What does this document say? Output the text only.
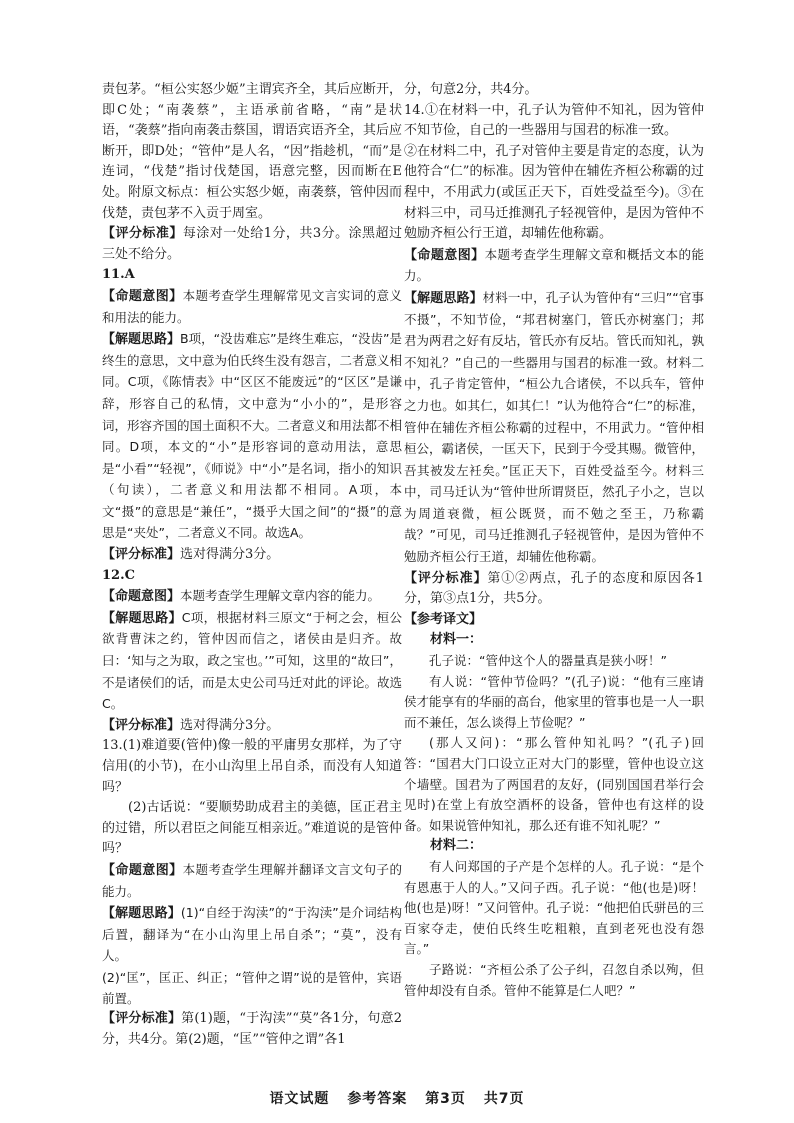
责包茅。“桓公实怒少姬”主谓宾齐全，其后应断开，即C处；“南袭蔡”，主语承前省略，“南”是状语，“袭蔡”指向南袭击蔡国，谓语宾语齐全，其后应断开，即D处；“管仲”是人名，“因”指趁机，“而”是连词，“伐楚”指讨伐楚国，语意完整，因而断在E处。附原文标点：桓公实怒少姬，南袭蔡，管仲因而伐楚，责包茅不入贡于周室。

【评分标准】每涂对一处给1分，共3分。涂黑超过三处不给分。

11.A

【命题意图】本题考查学生理解常见文言实词的意义和用法的能力。

【解题思路】B项，“没齿难忘”是终生难忘，“没齿”是终生的意思，文中意为伯氏终生没有怨言，二者意义相同。C项，《陈情表》中“区区不能废远”的“区区”是谦辞，形容自己的私情，文中意为“小小的”，是形容词，形容齐国的国土面积不大。二者意义和用法都不相同。D项，本文的“小”是形容词的意动用法，意思是“小看”“轻视”，《师说》中“小”是名词，指小的知识（句读），二者意义和用法都不相同。A项，本文“摄”的意思是“兼任”，“摄乎大国之间”的“摄”的意思是“夹处”，二者意义不同。故选A。

【评分标准】选对得满分3分。

12.C

【命题意图】本题考查学生理解文章内容的能力。

【解题思路】C项，根据材料三原文“于柯之会，桓公欲背曹沫之约，管仲因而信之，诸侯由是归齐。故曰：‘知与之为取，政之宝也。’”可知，这里的“故曰”，不是诸侯们的话，而是太史公司马迁对此的评论。故选C。

【评分标准】选对得满分3分。

13.(1)难道要(管仲)像一般的平庸男女那样，为了守信用(的小节)，在小山沟里上吊自杀，而没有人知道吗？

(2)古话说：“要顺势助成君主的美德，匡正君主的过错，所以君臣之间能互相亲近。”难道说的是管仲吗？

【命题意图】本题考查学生理解并翻译文言文句子的能力。

【解题思路】(1)“自经于沟渎”的“于沟渎”是介词结构后置，翻译为“在小山沟里上吊自杀”；“莫”，没有人。

(2)“匡”，匡正、纠正；“管仲之谓”说的是管仲，宾语前置。

【评分标准】第(1)题，“于沟渎”“莫”各1分，句意2分，共4分。第(2)题，“匡”“管仲之谓”各1

分，句意2分，共4分。

14.①在材料一中，孔子认为管仲不知礼，因为管仲不知节俭，自己的一些器用与国君的标准一致。

②在材料二中，孔子对管仲主要是肯定的态度，认为他符合“仁”的标准。因为管仲在辅佐齐桓公称霸的过程中，不用武力(或匡正天下，百姓受益至今)。③在材料三中，司马迁推测孔子轻视管仲，是因为管仲不勉励齐桓公行王道，却辅佐他称霸。

【命题意图】本题考查学生理解文章和概括文本的能力。

【解题思路】材料一中，孔子认为管仲有“三归”“官事不摄”，不知节俭，“邦君树塞门，管氏亦树塞门；邦君为两君之好有反坫，管氏亦有反坫。管氏而知礼，孰不知礼？”自己的一些器用与国君的标准一致。材料二中，孔子肯定管仲，“桓公九合诸侯，不以兵车，管仲之力也。如其仁，如其仁！”认为他符合“仁”的标准，管仲在辅佐齐桓公称霸的过程中，不用武力。“管仲相桓公，霸诸侯，一匡天下，民到于今受其赐。微管仲，吾其被发左衽矣。”匡正天下，百姓受益至今。材料三中，司马迁认为“管仲世所谓贤臣，然孔子小之，岂以为周道衰微，桓公既贤，而不勉之至王，乃称霸哉？”可见，司马迁推测孔子轻视管仲，是因为管仲不勉励齐桓公行王道，却辅佐他称霸。

【评分标准】第①②两点，孔子的态度和原因各1分，第③点1分，共5分。

【参考译文】

材料一：

孔子说：“管仲这个人的器量真是狭小呀！”

有人说：“管仲节俭吗？”(孔子)说：“他有三座请侯才能享有的华丽的高台，他家里的管事也是一人一职而不兼任，怎么谈得上节俭呢？”

(那人又问)：“那么管仲知礼吗？”(孔子)回答：“国君大门口设立正对大门的影壁，管仲也设立这个墙壁。国君为了两国君的友好，(同别国国君举行会见时)在堂上有放空酒杯的设备，管仲也有这样的设备。如果说管仲知礼，那么还有谁不知礼呢？”

材料二：

有人问郑国的子产是个怎样的人。孔子说：“是个有恩惠于人的人。”又问子西。孔子说：“他(也是)呀！他(也是)呀！”又问管仲。孔子说：“他把伯氏骈邑的三百家夺走，使伯氏终生吃粗粮，直到老死也没有怨言。”

子路说：“齐桓公杀了公子纠，召忽自杀以殉，但管仲却没有自杀。管仲不能算是仁人吧？”

语文试题 参考答案 第3页 共7页
